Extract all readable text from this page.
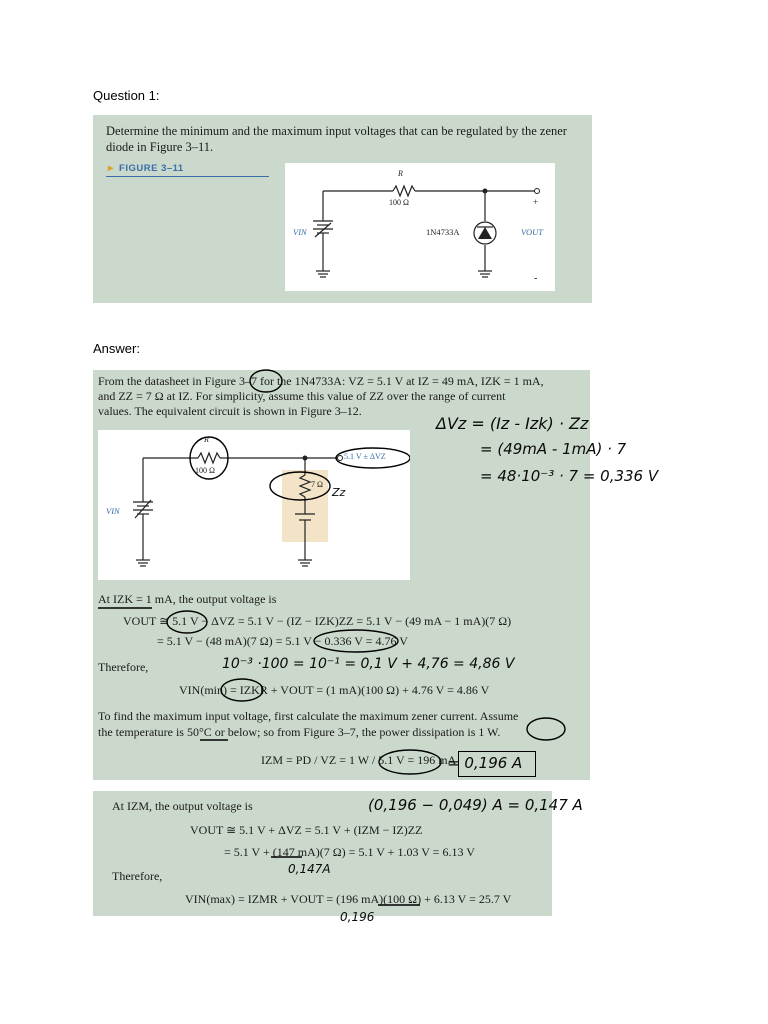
Question 1:
Answer:
Determine the minimum and the maximum input voltages that can be regulated by the zener diode in Figure 3–11.
► FIGURE 3–11	R
100 Ω
1N4733A
VIN	VOUT
+
-
From the datasheet in Figure 3–7 for the 1N4733A: VZ = 5.1 V at IZ = 49 mA, IZK = 1 mA,
and ZZ = 7 Ω at IZ. For simplicity, assume this value of ZZ over the range of current
values. The equivalent circuit is shown in Figure 3–12.
R
100 Ω
7 Ω
5.1 V ± ΔVZ
VIN
Zz
At IZK = 1 mA, the output voltage is
VOUT ≅ 5.1 V − ΔVZ = 5.1 V − (IZ − IZK)ZZ = 5.1 V − (49 mA − 1 mA)(7 Ω)
= 5.1 V − (48 mA)(7 Ω) = 5.1 V − 0.336 V = 4.76 V
Therefore,
VIN(min) = IZKR + VOUT = (1 mA)(100 Ω) + 4.76 V = 4.86 V
To find the maximum input voltage, first calculate the maximum zener current. Assume
the temperature is 50°C or below; so from Figure 3–7, the power dissipation is 1 W.
IZM = PD / VZ = 1 W / 5.1 V = 196 mA
At IZM, the output voltage is
VOUT ≅ 5.1 V + ΔVZ = 5.1 V + (IZM − IZ)ZZ
= 5.1 V + (147 mA)(7 Ω) = 5.1 V + 1.03 V = 6.13 V
Therefore,
VIN(max) = IZMR + VOUT = (196 mA)(100 Ω) + 6.13 V = 25.7 V
ΔVz = (Iz - Izk) · Zz
= (49mA - 1mA) · 7
= 48·10⁻³ · 7 = 0,336 V
10⁻³ ·100 = 10⁻¹ = 0,1 V + 4,76 = 4,86 V
= 0,196 A
(0,196 − 0,049) A = 0,147 A
0,147A
0,196
